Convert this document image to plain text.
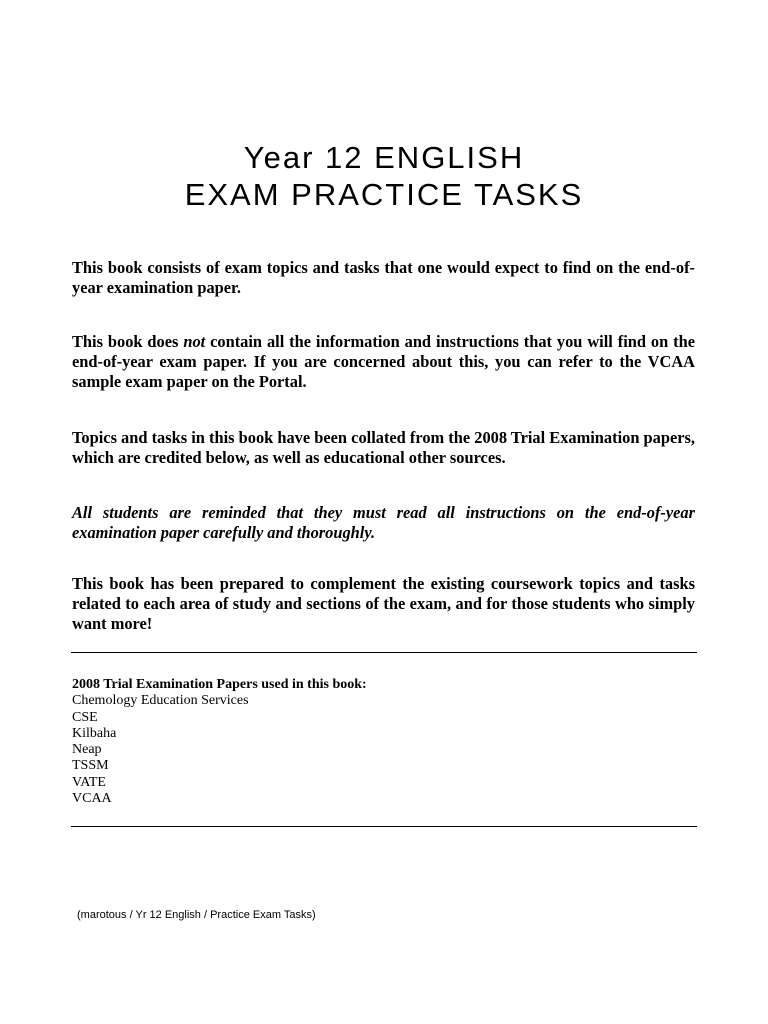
Year 12 ENGLISH
EXAM PRACTICE TASKS

This book consists of exam topics and tasks that one would expect to find on the end-of-year examination paper.

This book does not contain all the information and instructions that you will find on the end-of-year exam paper. If you are concerned about this, you can refer to the VCAA sample exam paper on the Portal.

Topics and tasks in this book have been collated from the 2008 Trial Examination papers, which are credited below, as well as educational other sources.

All students are reminded that they must read all instructions on the end-of-year examination paper carefully and thoroughly.

This book has been prepared to complement the existing coursework topics and tasks related to each area of study and sections of the exam, and for those students who simply want more!

2008 Trial Examination Papers used in this book:
Chemology Education Services
CSE
Kilbaha
Neap
TSSM
VATE
VCAA

(marotous / Yr 12 English / Practice Exam Tasks)
